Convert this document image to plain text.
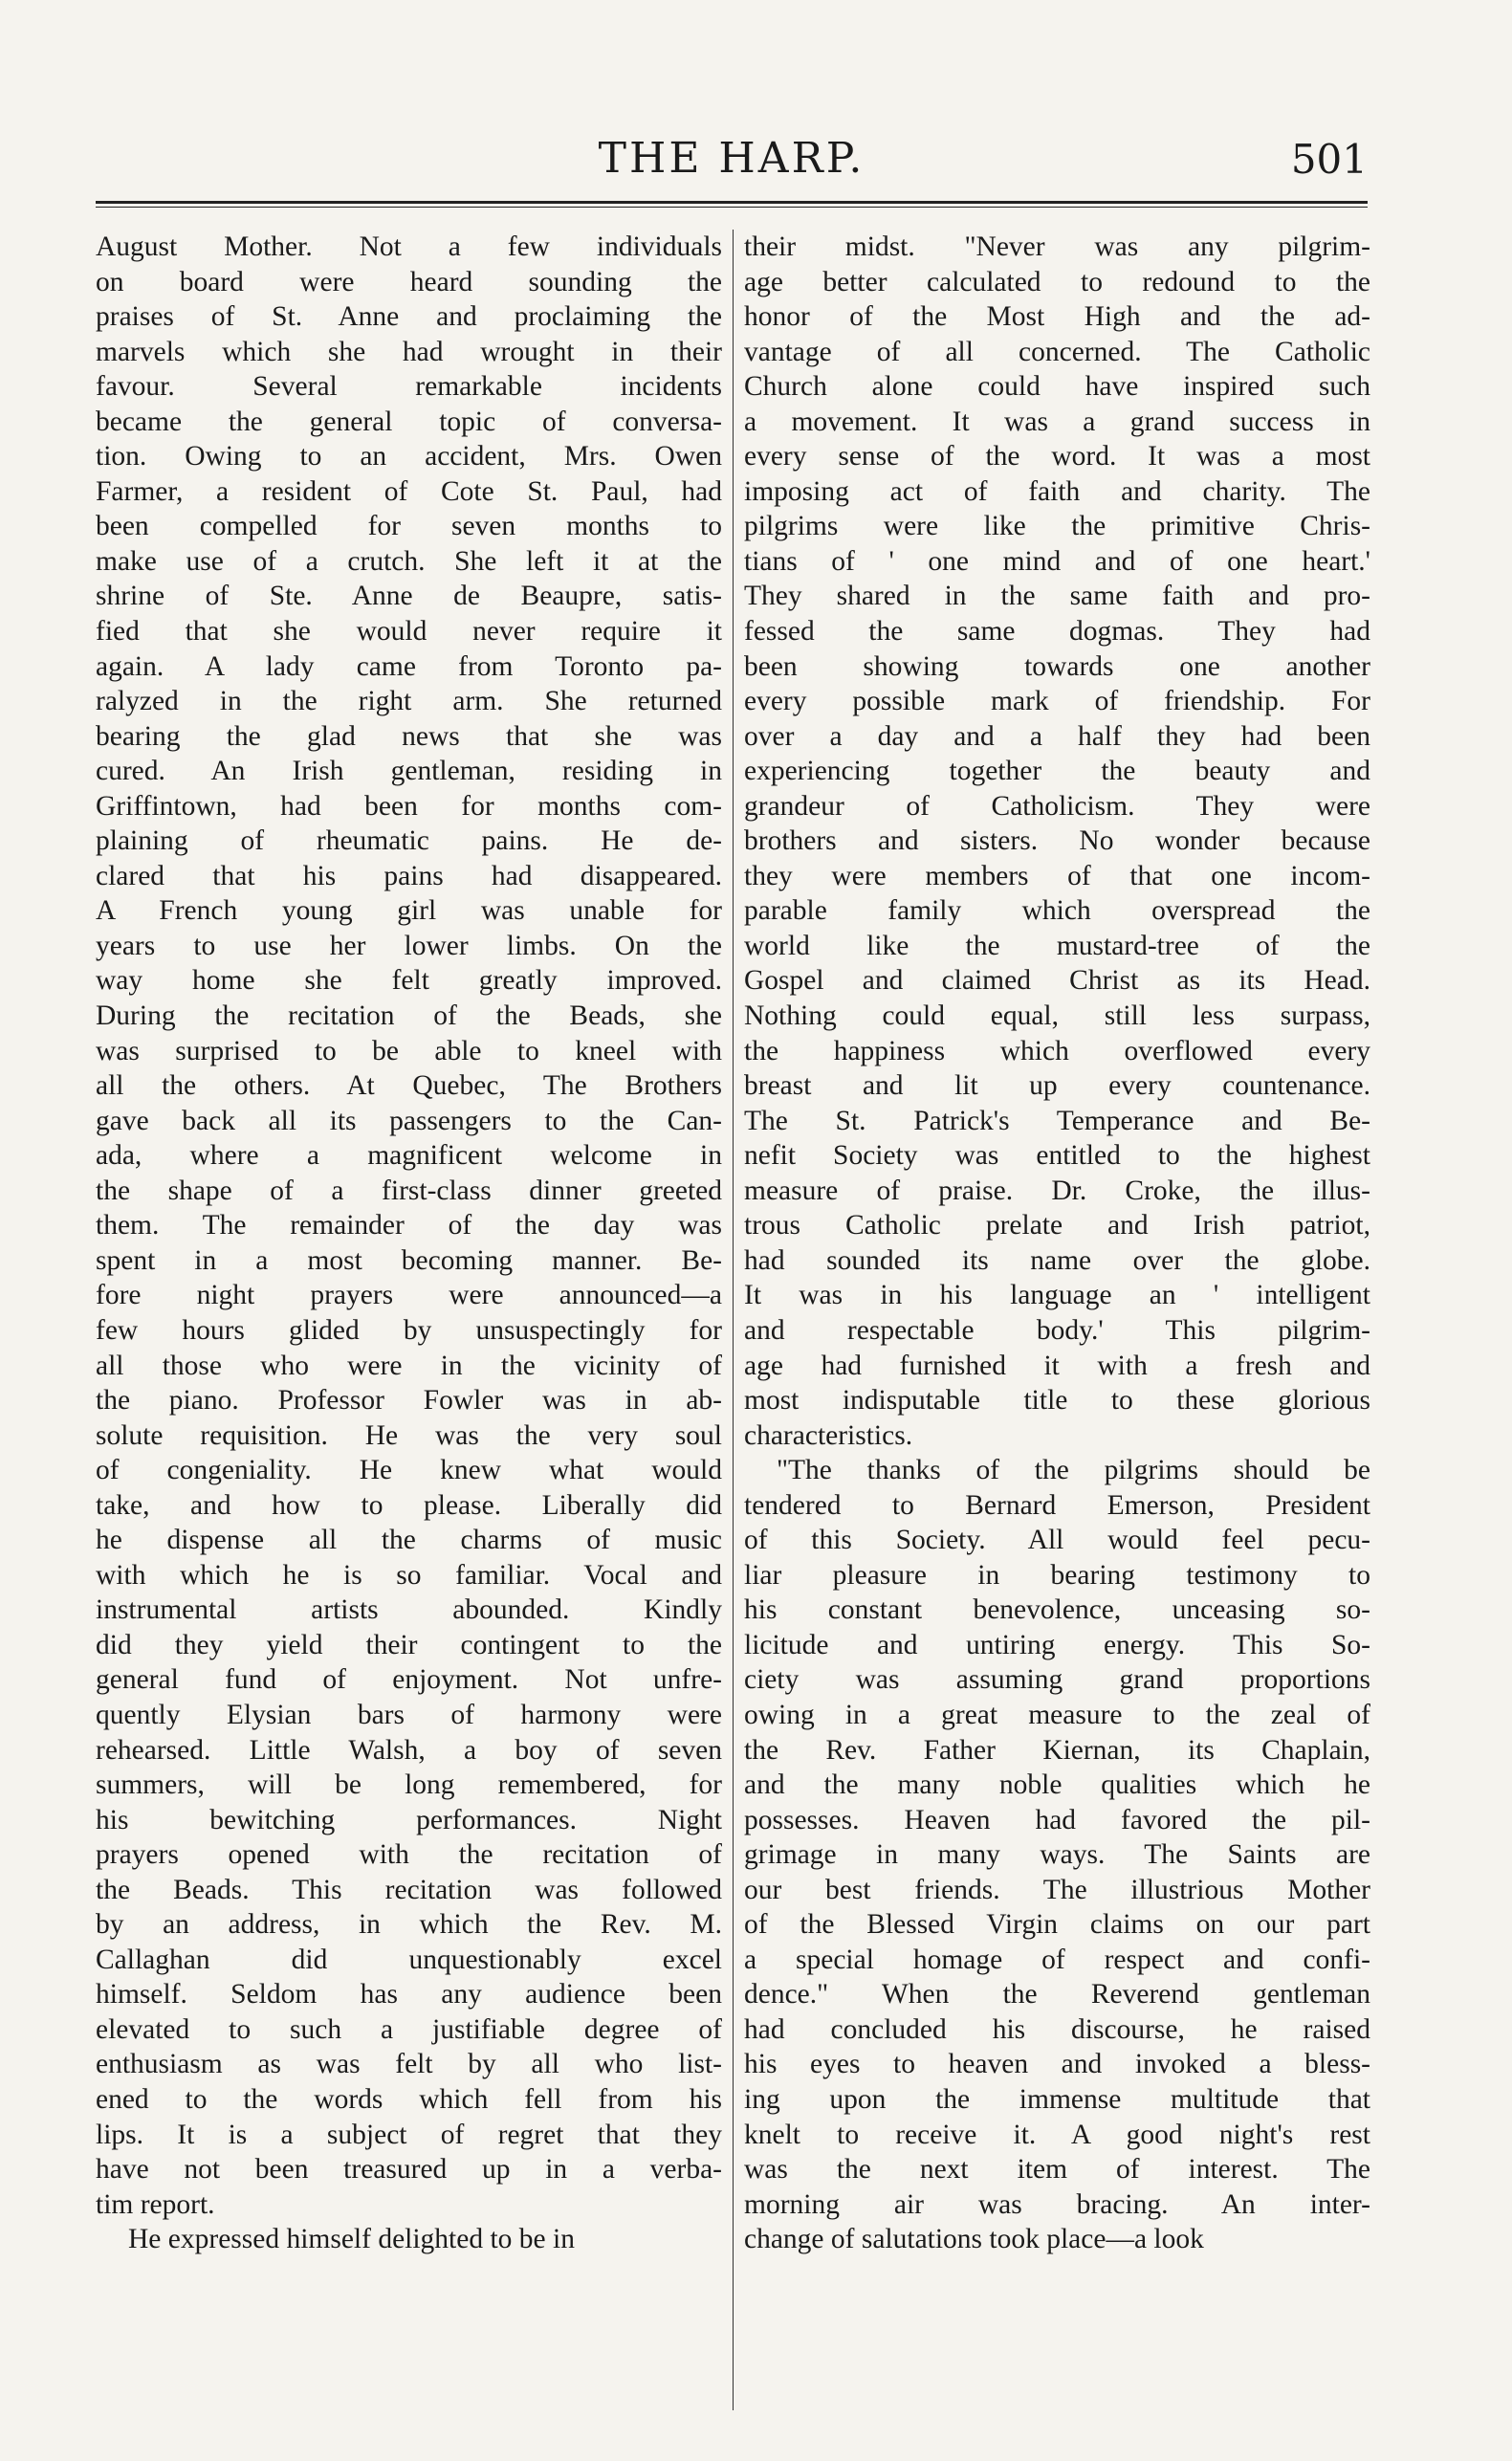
THE HARP.	501
August Mother. Not a few individuals
on board were heard sounding the
praises of St. Anne and proclaiming the
marvels which she had wrought in their
favour. Several remarkable incidents
became the general topic of conversa-
tion. Owing to an accident, Mrs. Owen
Farmer, a resident of Cote St. Paul, had
been compelled for seven months to
make use of a crutch. She left it at the
shrine of Ste. Anne de Beaupre, satis-
fied that she would never require it
again. A lady came from Toronto pa-
ralyzed in the right arm. She returned
bearing the glad news that she was
cured. An Irish gentleman, residing in
Griffintown, had been for months com-
plaining of rheumatic pains. He de-
clared that his pains had disappeared.
A French young girl was unable for
years to use her lower limbs. On the
way home she felt greatly improved.
During the recitation of the Beads, she
was surprised to be able to kneel with
all the others. At Quebec, The Brothers
gave back all its passengers to the Can-
ada, where a magnificent welcome in
the shape of a first-class dinner greeted
them. The remainder of the day was
spent in a most becoming manner. Be-
fore night prayers were announced—a
few hours glided by unsuspectingly for
all those who were in the vicinity of
the piano. Professor Fowler was in ab-
solute requisition. He was the very soul
of congeniality. He knew what would
take, and how to please. Liberally did
he dispense all the charms of music
with which he is so familiar. Vocal and
instrumental artists abounded. Kindly
did they yield their contingent to the
general fund of enjoyment. Not unfre-
quently Elysian bars of harmony were
rehearsed. Little Walsh, a boy of seven
summers, will be long remembered, for
his bewitching performances. Night
prayers opened with the recitation of
the Beads. This recitation was followed
by an address, in which the Rev. M.
Callaghan did unquestionably excel
himself. Seldom has any audience been
elevated to such a justifiable degree of
enthusiasm as was felt by all who list-
ened to the words which fell from his
lips. It is a subject of regret that they
have not been treasured up in a verba-
tim report.
He expressed himself delighted to be in
their midst. "Never was any pilgrim-
age better calculated to redound to the
honor of the Most High and the ad-
vantage of all concerned. The Catholic
Church alone could have inspired such
a movement. It was a grand success in
every sense of the word. It was a most
imposing act of faith and charity. The
pilgrims were like the primitive Chris-
tians of ' one mind and of one heart.'
They shared in the same faith and pro-
fessed the same dogmas. They had
been showing towards one another
every possible mark of friendship. For
over a day and a half they had been
experiencing together the beauty and
grandeur of Catholicism. They were
brothers and sisters. No wonder because
they were members of that one incom-
parable family which overspread the
world like the mustard-tree of the
Gospel and claimed Christ as its Head.
Nothing could equal, still less surpass,
the happiness which overflowed every
breast and lit up every countenance.
The St. Patrick's Temperance and Be-
nefit Society was entitled to the highest
measure of praise. Dr. Croke, the illus-
trous Catholic prelate and Irish patriot,
had sounded its name over the globe.
It was in his language an ' intelligent
and respectable body.' This pilgrim-
age had furnished it with a fresh and
most indisputable title to these glorious
characteristics.
"The thanks of the pilgrims should be
tendered to Bernard Emerson, President
of this Society. All would feel pecu-
liar pleasure in bearing testimony to
his constant benevolence, unceasing so-
licitude and untiring energy. This So-
ciety was assuming grand proportions
owing in a great measure to the zeal of
the Rev. Father Kiernan, its Chaplain,
and the many noble qualities which he
possesses. Heaven had favored the pil-
grimage in many ways. The Saints are
our best friends. The illustrious Mother
of the Blessed Virgin claims on our part
a special homage of respect and confi-
dence." When the Reverend gentleman
had concluded his discourse, he raised
his eyes to heaven and invoked a bless-
ing upon the immense multitude that
knelt to receive it. A good night's rest
was the next item of interest. The
morning air was bracing. An inter-
change of salutations took place—a look
